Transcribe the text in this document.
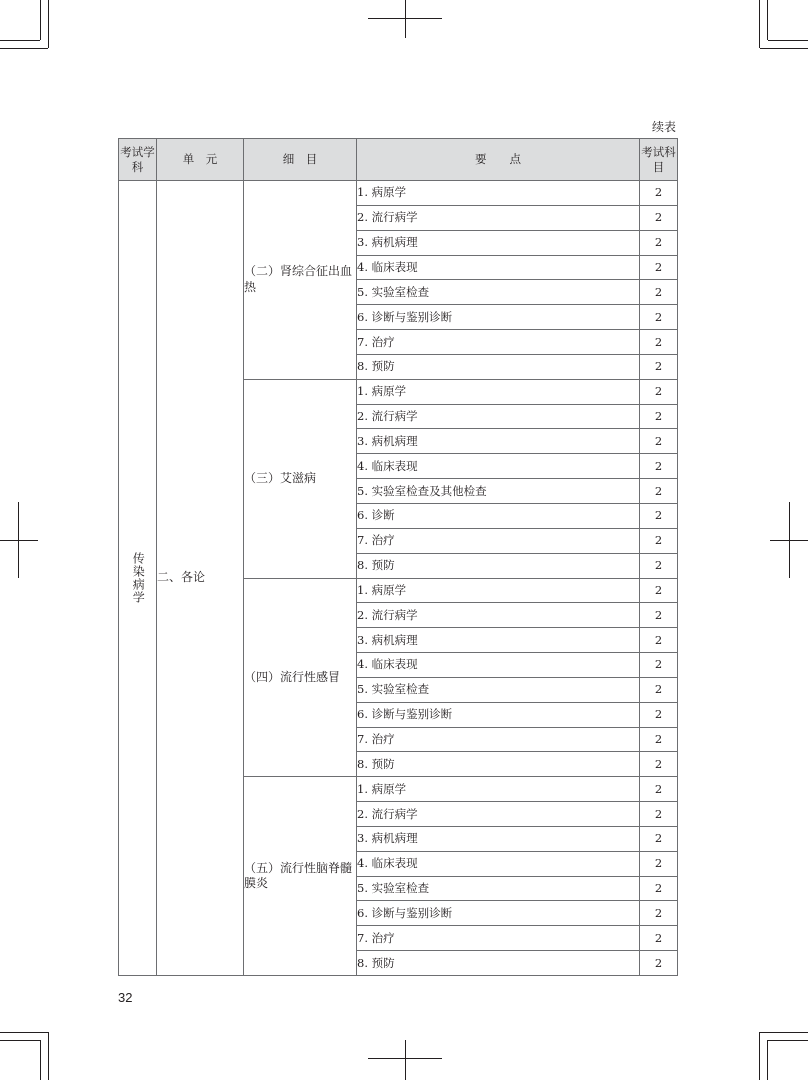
续表
考试学科	单　元	细　目	要　　点	考试科目
传染病学	二、各论	（二）肾综合征出血热	1. 病原学	2
			2. 流行病学	2
			3. 病机病理	2
			4. 临床表现	2
			5. 实验室检查	2
			6. 诊断与鉴别诊断	2
			7. 治疗	2
			8. 预防	2
		（三）艾滋病	1. 病原学	2
			2. 流行病学	2
			3. 病机病理	2
			4. 临床表现	2
			5. 实验室检查及其他检查	2
			6. 诊断	2
			7. 治疗	2
			8. 预防	2
		（四）流行性感冒	1. 病原学	2
			2. 流行病学	2
			3. 病机病理	2
			4. 临床表现	2
			5. 实验室检查	2
			6. 诊断与鉴别诊断	2
			7. 治疗	2
			8. 预防	2
		（五）流行性脑脊髓膜炎	1. 病原学	2
			2. 流行病学	2
			3. 病机病理	2
			4. 临床表现	2
			5. 实验室检查	2
			6. 诊断与鉴别诊断	2
			7. 治疗	2
			8. 预防	2
32
